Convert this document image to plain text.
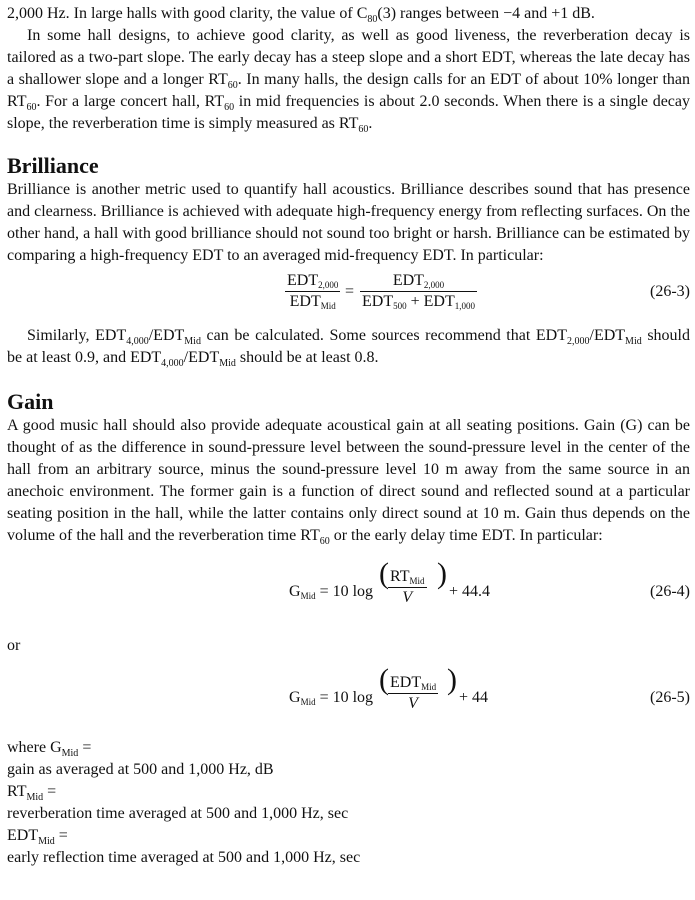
2,000 Hz. In large halls with good clarity, the value of $C_{80}(3)$ ranges between −4 and +1 dB.

In some hall designs, to achieve good clarity, as well as good liveness, the reverberation decay is tailored as a two-part slope. The early decay has a steep slope and a short EDT, whereas the late decay has a shallower slope and a longer $RT_{60}$. In many halls, the design calls for an EDT of about 10% longer than $RT_{60}$. For a large concert hall, $RT_{60}$ in mid frequencies is about 2.0 seconds. When there is a single decay slope, the reverberation time is simply measured as $RT_{60}$.

Brilliance

Brilliance is another metric used to quantify hall acoustics. Brilliance describes sound that has presence and clearness. Brilliance is achieved with adequate high-frequency energy from reflecting surfaces. On the other hand, a hall with good brilliance should not sound too bright or harsh. Brilliance can be estimated by comparing a high-frequency EDT to an averaged mid-frequency EDT. In particular:

EDT2,000
EDTMid
=
EDT2,000
EDT500 + EDT1,000
(26-3)

Similarly, $EDT_{4,000}/EDT_{Mid}$ can be calculated. Some sources recommend that $EDT_{2,000}/EDT_{Mid}$ should be at least 0.9, and $EDT_{4,000}/EDT_{Mid}$ should be at least 0.8.

Gain

A good music hall should also provide adequate acoustical gain at all seating positions. Gain (G) can be thought of as the difference in sound-pressure level between the sound-pressure level in the center of the hall from an arbitrary source, minus the sound-pressure level 10 m away from the same source in an anechoic environment. The former gain is a function of direct sound and reflected sound at a particular seating position in the hall, while the latter contains only direct sound at 10 m. Gain thus depends on the volume of the hall and the reverberation time $RT_{60}$ or the early delay time EDT. In particular:

GMid = 10 log
( RTMid
V
)
+ 44.4	(26-4)

or

GMid = 10 log
( EDTMid
V
)
+ 44	(26-5)

where $G_{Mid}$ =

gain as averaged at 500 and 1,000 Hz, dB

$RT_{Mid}$ =

reverberation time averaged at 500 and 1,000 Hz, sec

$EDT_{Mid}$ =

early reflection time averaged at 500 and 1,000 Hz, sec
